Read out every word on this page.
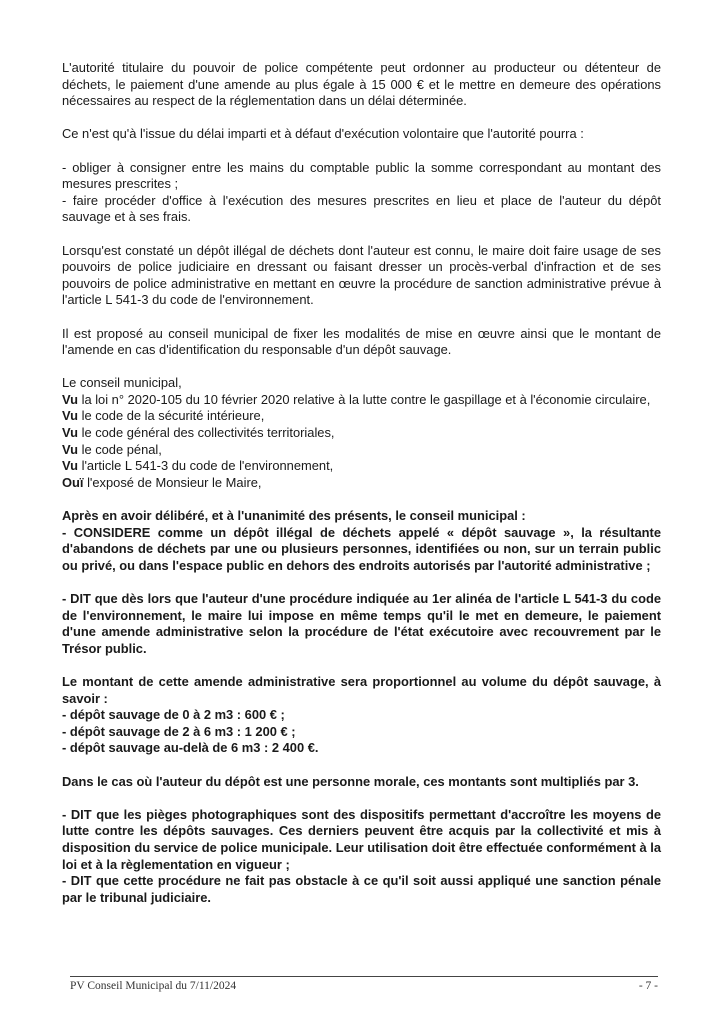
L'autorité titulaire du pouvoir de police compétente peut ordonner au producteur ou détenteur de déchets, le paiement d'une amende au plus égale à 15 000 € et le mettre en demeure des opérations nécessaires au respect de la réglementation dans un délai déterminée.

Ce n'est qu'à l'issue du délai imparti et à défaut d'exécution volontaire que l'autorité pourra :

- obliger à consigner entre les mains du comptable public la somme correspondant au montant des mesures prescrites ;

- faire procéder d'office à l'exécution des mesures prescrites en lieu et place de l'auteur du dépôt sauvage et à ses frais.

Lorsqu'est constaté un dépôt illégal de déchets dont l'auteur est connu, le maire doit faire usage de ses pouvoirs de police judiciaire en dressant ou faisant dresser un procès-verbal d'infraction et de ses pouvoirs de police administrative en mettant en œuvre la procédure de sanction administrative prévue à l'article L 541-3 du code de l'environnement.

Il est proposé au conseil municipal de fixer les modalités de mise en œuvre ainsi que le montant de l'amende en cas d'identification du responsable d'un dépôt sauvage.

Le conseil municipal,

Vu la loi n° 2020-105 du 10 février 2020 relative à la lutte contre le gaspillage et à l'économie circulaire,

Vu le code de la sécurité intérieure,

Vu le code général des collectivités territoriales,

Vu le code pénal,

Vu l'article L 541-3 du code de l'environnement,

Ouï l'exposé de Monsieur le Maire,

Après en avoir délibéré, et à l'unanimité des présents, le conseil municipal :

- CONSIDERE comme un dépôt illégal de déchets appelé « dépôt sauvage », la résultante d'abandons de déchets par une ou plusieurs personnes, identifiées ou non, sur un terrain public ou privé, ou dans l'espace public en dehors des endroits autorisés par l'autorité administrative ;

- DIT que dès lors que l'auteur d'une procédure indiquée au 1er alinéa de l'article L 541-3 du code de l'environnement, le maire lui impose en même temps qu'il le met en demeure, le paiement d'une amende administrative selon la procédure de l'état exécutoire avec recouvrement par le Trésor public.

Le montant de cette amende administrative sera proportionnel au volume du dépôt sauvage, à savoir :

- dépôt sauvage de 0 à 2 m3 : 600 € ;

- dépôt sauvage de 2 à 6 m3 : 1 200 € ;

- dépôt sauvage au-delà de 6 m3 : 2 400 €.

Dans le cas où l'auteur du dépôt est une personne morale, ces montants sont multipliés par 3.

- DIT que les pièges photographiques sont des dispositifs permettant d'accroître les moyens de lutte contre les dépôts sauvages. Ces derniers peuvent être acquis par la collectivité et mis à disposition du service de police municipale. Leur utilisation doit être effectuée conformément à la loi et à la règlementation en vigueur ;

- DIT que cette procédure ne fait pas obstacle à ce qu'il soit aussi appliqué une sanction pénale par le tribunal judiciaire.

PV Conseil Municipal du 7/11/2024	- 7 -
